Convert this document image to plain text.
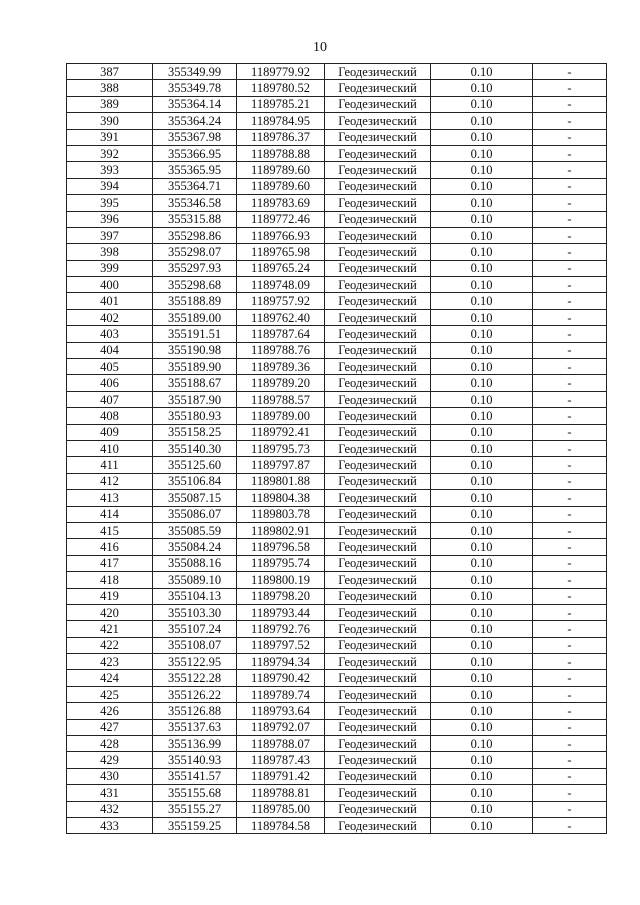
10
387	355349.99	1189779.92	Геодезический	0.10	-
388	355349.78	1189780.52	Геодезический	0.10	-
389	355364.14	1189785.21	Геодезический	0.10	-
390	355364.24	1189784.95	Геодезический	0.10	-
391	355367.98	1189786.37	Геодезический	0.10	-
392	355366.95	1189788.88	Геодезический	0.10	-
393	355365.95	1189789.60	Геодезический	0.10	-
394	355364.71	1189789.60	Геодезический	0.10	-
395	355346.58	1189783.69	Геодезический	0.10	-
396	355315.88	1189772.46	Геодезический	0.10	-
397	355298.86	1189766.93	Геодезический	0.10	-
398	355298.07	1189765.98	Геодезический	0.10	-
399	355297.93	1189765.24	Геодезический	0.10	-
400	355298.68	1189748.09	Геодезический	0.10	-
401	355188.89	1189757.92	Геодезический	0.10	-
402	355189.00	1189762.40	Геодезический	0.10	-
403	355191.51	1189787.64	Геодезический	0.10	-
404	355190.98	1189788.76	Геодезический	0.10	-
405	355189.90	1189789.36	Геодезический	0.10	-
406	355188.67	1189789.20	Геодезический	0.10	-
407	355187.90	1189788.57	Геодезический	0.10	-
408	355180.93	1189789.00	Геодезический	0.10	-
409	355158.25	1189792.41	Геодезический	0.10	-
410	355140.30	1189795.73	Геодезический	0.10	-
411	355125.60	1189797.87	Геодезический	0.10	-
412	355106.84	1189801.88	Геодезический	0.10	-
413	355087.15	1189804.38	Геодезический	0.10	-
414	355086.07	1189803.78	Геодезический	0.10	-
415	355085.59	1189802.91	Геодезический	0.10	-
416	355084.24	1189796.58	Геодезический	0.10	-
417	355088.16	1189795.74	Геодезический	0.10	-
418	355089.10	1189800.19	Геодезический	0.10	-
419	355104.13	1189798.20	Геодезический	0.10	-
420	355103.30	1189793.44	Геодезический	0.10	-
421	355107.24	1189792.76	Геодезический	0.10	-
422	355108.07	1189797.52	Геодезический	0.10	-
423	355122.95	1189794.34	Геодезический	0.10	-
424	355122.28	1189790.42	Геодезический	0.10	-
425	355126.22	1189789.74	Геодезический	0.10	-
426	355126.88	1189793.64	Геодезический	0.10	-
427	355137.63	1189792.07	Геодезический	0.10	-
428	355136.99	1189788.07	Геодезический	0.10	-
429	355140.93	1189787.43	Геодезический	0.10	-
430	355141.57	1189791.42	Геодезический	0.10	-
431	355155.68	1189788.81	Геодезический	0.10	-
432	355155.27	1189785.00	Геодезический	0.10	-
433	355159.25	1189784.58	Геодезический	0.10	-
